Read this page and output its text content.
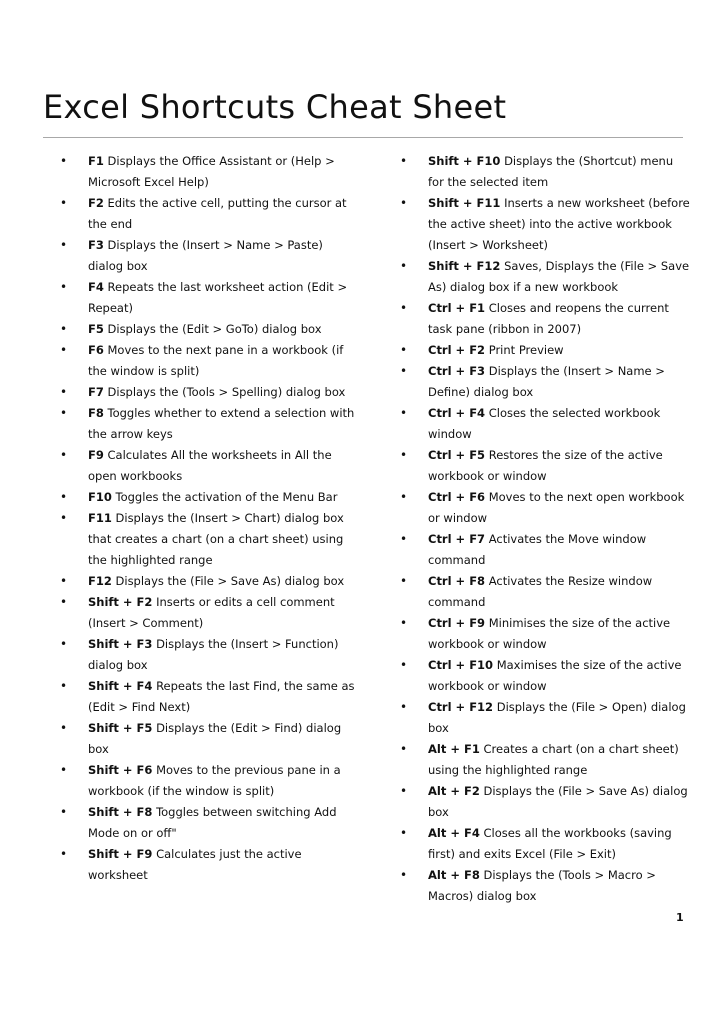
Excel Shortcuts Cheat Sheet
• F1 Displays the Office Assistant or (Help > Microsoft Excel Help)
• F2 Edits the active cell, putting the cursor at the end
• F3 Displays the (Insert > Name > Paste) dialog box
• F4 Repeats the last worksheet action (Edit > Repeat)
• F5 Displays the (Edit > GoTo) dialog box
• F6 Moves to the next pane in a workbook (if the window is split)
• F7 Displays the (Tools > Spelling) dialog box
• F8 Toggles whether to extend a selection with the arrow keys
• F9 Calculates All the worksheets in All the open workbooks
• F10 Toggles the activation of the Menu Bar
• F11 Displays the (Insert > Chart) dialog box that creates a chart (on a chart sheet) using the highlighted range
• F12 Displays the (File > Save As) dialog box
• Shift + F2 Inserts or edits a cell comment (Insert > Comment)
• Shift + F3 Displays the (Insert > Function) dialog box
• Shift + F4 Repeats the last Find, the same as (Edit > Find Next)
• Shift + F5 Displays the (Edit > Find) dialog box
• Shift + F6 Moves to the previous pane in a workbook (if the window is split)
• Shift + F8 Toggles between switching Add Mode on or off"
• Shift + F9 Calculates just the active worksheet
• Shift + F10 Displays the (Shortcut) menu for the selected item
• Shift + F11 Inserts a new worksheet (before the active sheet) into the active workbook (Insert > Worksheet)
• Shift + F12 Saves, Displays the (File > Save As) dialog box if a new workbook
• Ctrl + F1 Closes and reopens the current task pane (ribbon in 2007)
• Ctrl + F2 Print Preview
• Ctrl + F3 Displays the (Insert > Name > Define) dialog box
• Ctrl + F4 Closes the selected workbook window
• Ctrl + F5 Restores the size of the active workbook or window
• Ctrl + F6 Moves to the next open workbook or window
• Ctrl + F7 Activates the Move window command
• Ctrl + F8 Activates the Resize window command
• Ctrl + F9 Minimises the size of the active workbook or window
• Ctrl + F10 Maximises the size of the active workbook or window
• Ctrl + F12 Displays the (File > Open) dialog box
• Alt + F1 Creates a chart (on a chart sheet) using the highlighted range
• Alt + F2 Displays the (File > Save As) dialog box
• Alt + F4 Closes all the workbooks (saving first) and exits Excel (File > Exit)
• Alt + F8 Displays the (Tools > Macro > Macros) dialog box
1
